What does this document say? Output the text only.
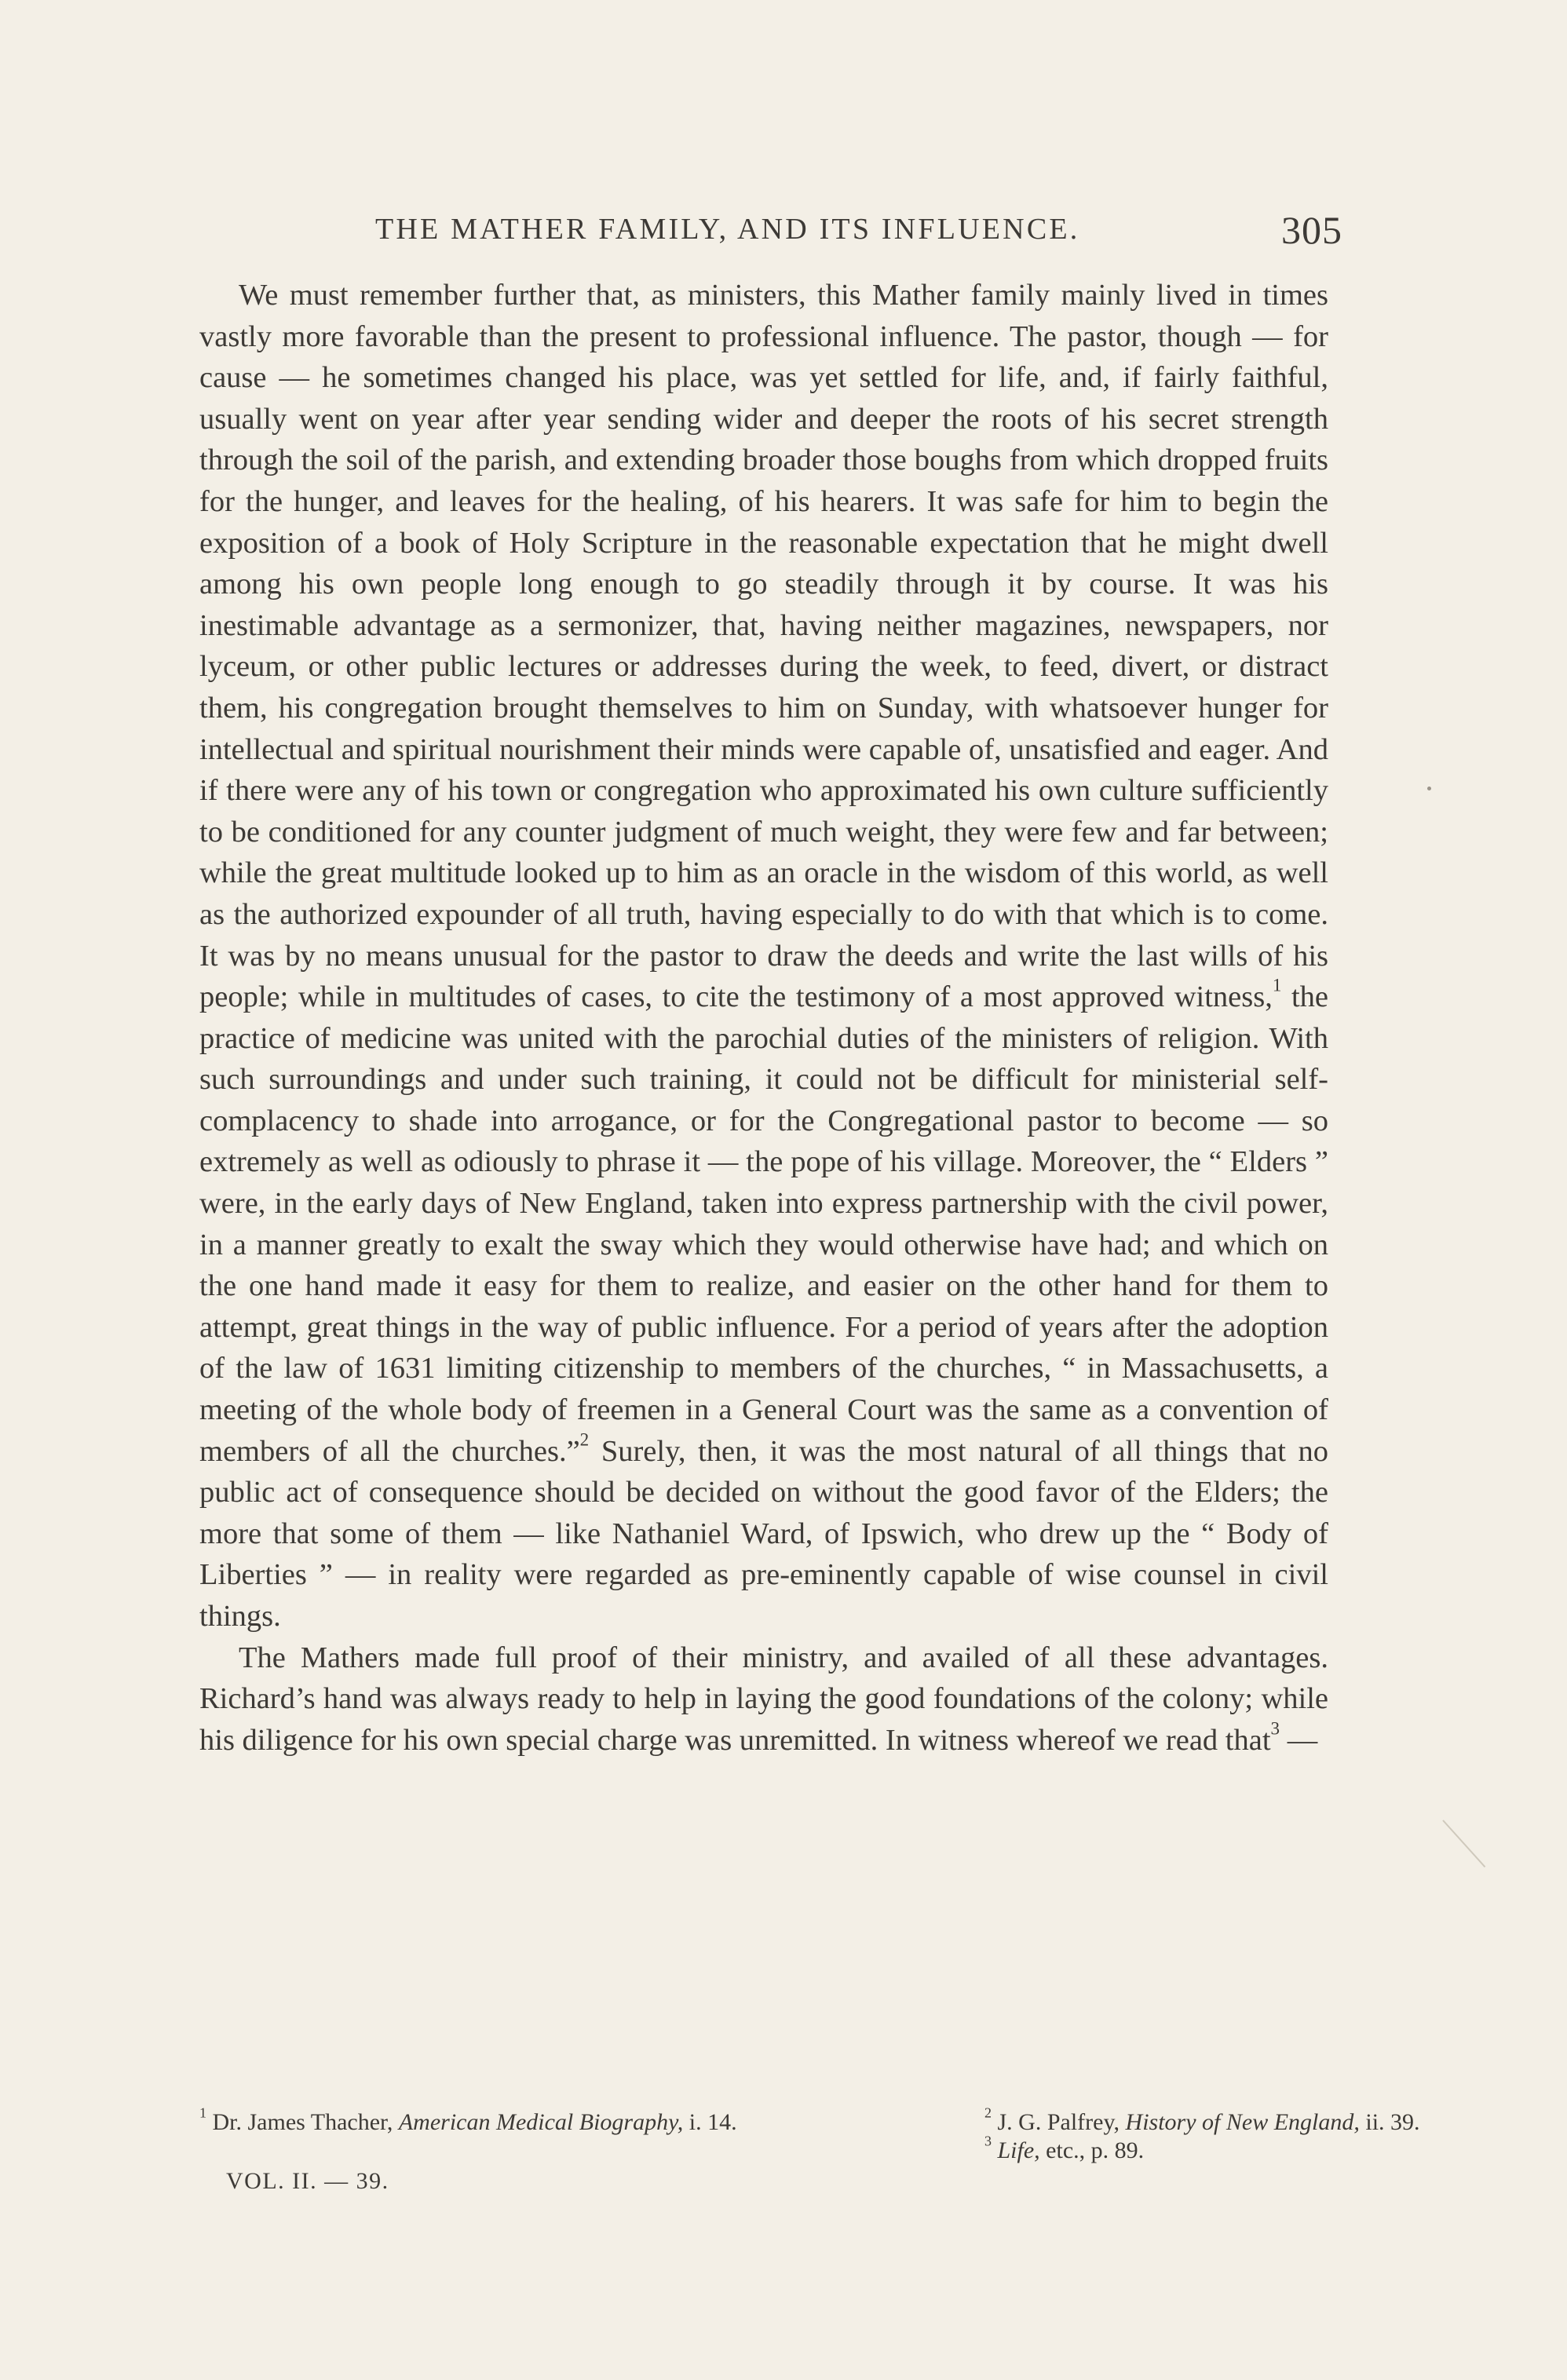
THE MATHER FAMILY, AND ITS INFLUENCE.	305

We must remember further that, as ministers, this Mather family mainly lived in times vastly more favorable than the present to professional influence. The pastor, though — for cause — he sometimes changed his place, was yet settled for life, and, if fairly faithful, usually went on year after year sending wider and deeper the roots of his secret strength through the soil of the parish, and extending broader those boughs from which dropped fruits for the hunger, and leaves for the healing, of his hearers. It was safe for him to begin the exposition of a book of Holy Scripture in the reasonable expectation that he might dwell among his own people long enough to go steadily through it by course. It was his inestimable advantage as a sermonizer, that, having neither magazines, newspapers, nor lyceum, or other public lectures or addresses during the week, to feed, divert, or distract them, his congregation brought themselves to him on Sunday, with whatsoever hunger for intellectual and spiritual nourishment their minds were capable of, unsatisfied and eager. And if there were any of his town or congregation who approximated his own culture sufficiently to be conditioned for any counter judgment of much weight, they were few and far between; while the great multitude looked up to him as an oracle in the wisdom of this world, as well as the authorized expounder of all truth, having especially to do with that which is to come. It was by no means unusual for the pastor to draw the deeds and write the last wills of his people; while in multitudes of cases, to cite the testimony of a most approved witness,$^1$ the practice of medicine was united with the parochial duties of the ministers of religion. With such surroundings and under such training, it could not be difficult for ministerial self-complacency to shade into arrogance, or for the Congregational pastor to become — so extremely as well as odiously to phrase it — the pope of his village. Moreover, the “ Elders ” were, in the early days of New England, taken into express partnership with the civil power, in a manner greatly to exalt the sway which they would otherwise have had; and which on the one hand made it easy for them to realize, and easier on the other hand for them to attempt, great things in the way of public influence. For a period of years after the adoption of the law of 1631 limiting citizenship to members of the churches, “ in Massachusetts, a meeting of the whole body of freemen in a General Court was the same as a convention of members of all the churches.”$^2$ Surely, then, it was the most natural of all things that no public act of consequence should be decided on without the good favor of the Elders; the more that some of them — like Nathaniel Ward, of Ipswich, who drew up the “ Body of Liberties ” — in reality were regarded as pre-eminently capable of wise counsel in civil things.

The Mathers made full proof of their ministry, and availed of all these advantages. Richard’s hand was always ready to help in laying the good foundations of the colony; while his diligence for his own special charge was unremitted. In witness whereof we read that$^3$ —

$^1$ Dr. James Thacher, American Medical Biography, i. 14.	$^2$ J. G. Palfrey, History of New England, ii. 39.
$^3$ Life, etc., p. 89.
VOL. II. — 39.
